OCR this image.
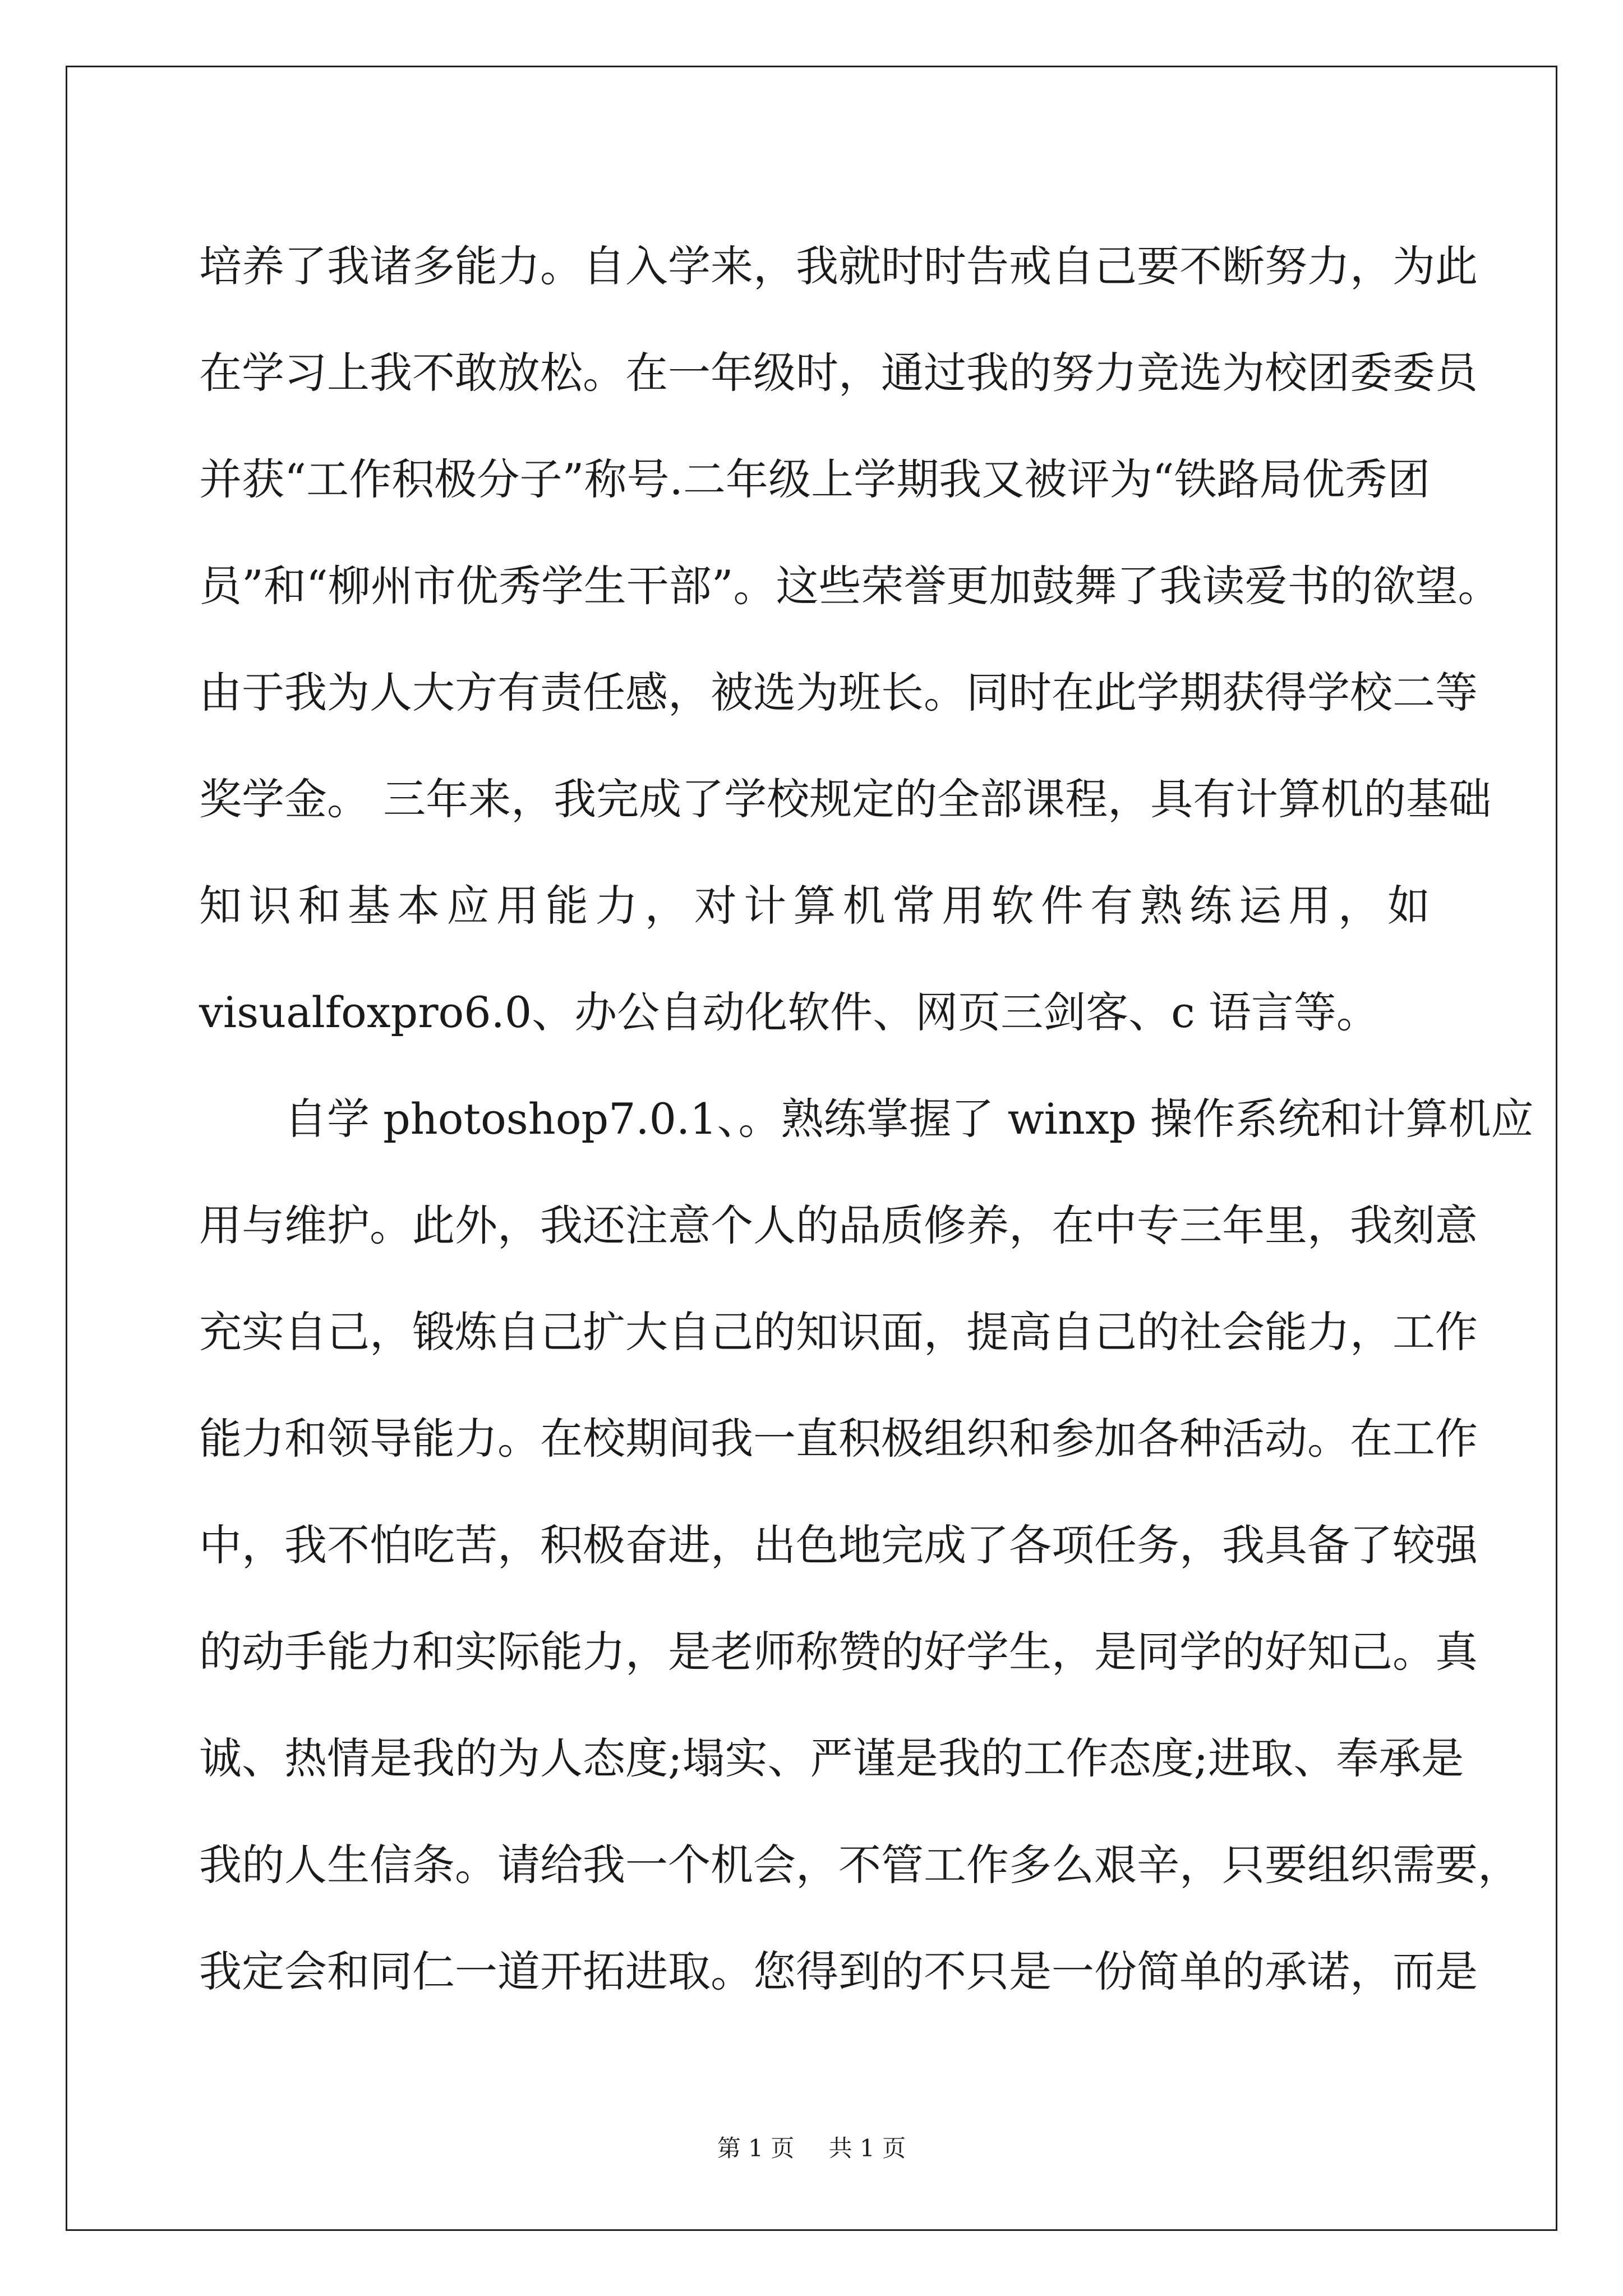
培养了我诸多能力。自入学来，我就时时告戒自己要不断努力，为此
在学习上我不敢放松。在一年级时，通过我的努力竞选为校团委委员
并获“工作积极分子”称号.二年级上学期我又被评为“铁路局优秀团
员”和“柳州市优秀学生干部”。这些荣誉更加鼓舞了我读爱书的欲望。
由于我为人大方有责任感，被选为班长。同时在此学期获得学校二等
奖学金。 三年来，我完成了学校规定的全部课程，具有计算机的基础
知识和基本应用能力，对计算机常用软件有熟练运用，如
visualfoxpro6.0、办公自动化软件、网页三剑客、c 语言等。
自学 photoshop7.0.1、。熟练掌握了 winxp 操作系统和计算机应
用与维护。此外，我还注意个人的品质修养，在中专三年里，我刻意
充实自己，锻炼自己扩大自己的知识面，提高自己的社会能力，工作
能力和领导能力。在校期间我一直积极组织和参加各种活动。在工作
中，我不怕吃苦，积极奋进，出色地完成了各项任务，我具备了较强
的动手能力和实际能力，是老师称赞的好学生，是同学的好知己。真
诚、热情是我的为人态度;塌实、严谨是我的工作态度;进取、奉承是
我的人生信条。请给我一个机会，不管工作多么艰辛，只要组织需要，
我定会和同仁一道开拓进取。您得到的不只是一份简单的承诺，而是
第 1 页 共 1 页
